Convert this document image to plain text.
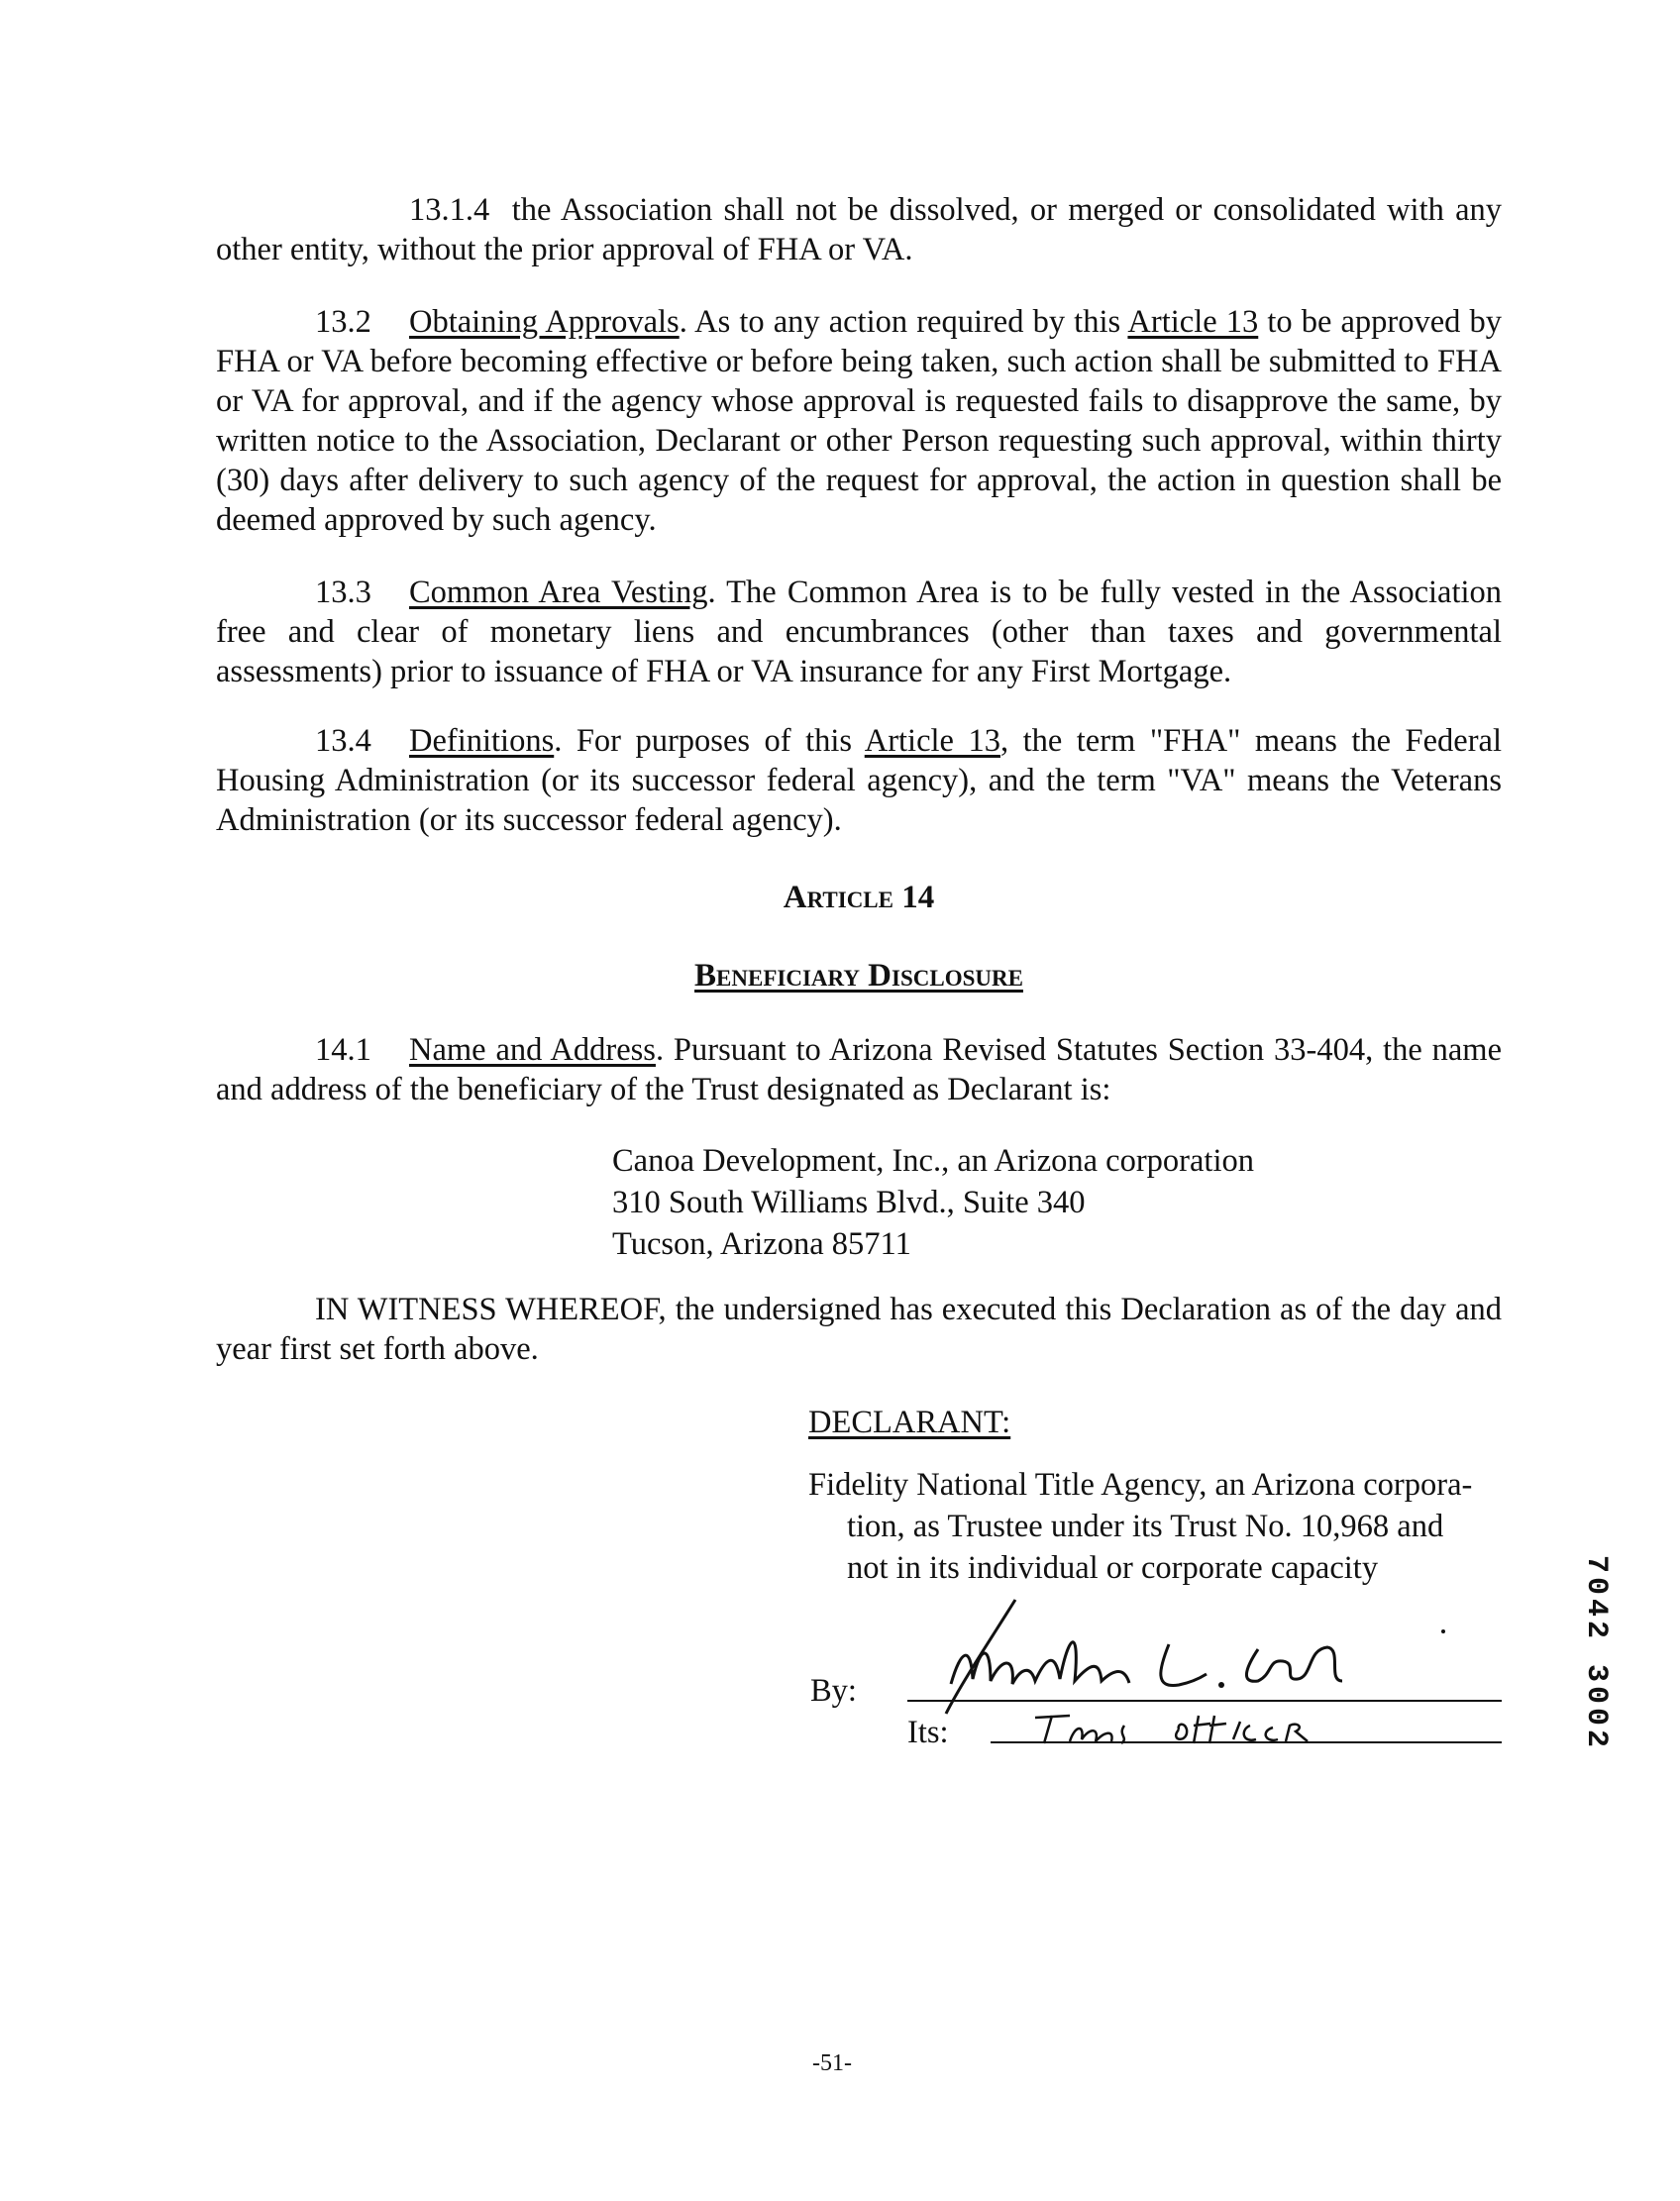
13.1.4 the Association shall not be dissolved, or merged or consolidated with any other entity, without the prior approval of FHA or VA.

13.2 Obtaining Approvals. As to any action required by this Article 13 to be approved by FHA or VA before becoming effective or before being taken, such action shall be submitted to FHA or VA for approval, and if the agency whose approval is requested fails to disapprove the same, by written notice to the Association, Declarant or other Person requesting such approval, within thirty (30) days after delivery to such agency of the request for approval, the action in question shall be deemed approved by such agency.

13.3 Common Area Vesting. The Common Area is to be fully vested in the Association free and clear of monetary liens and encumbrances (other than taxes and governmental assessments) prior to issuance of FHA or VA insurance for any First Mortgage.

13.4 Definitions. For purposes of this Article 13, the term "FHA" means the Federal Housing Administration (or its successor federal agency), and the term "VA" means the Veterans Administration (or its successor federal agency).

Article 14
Beneficiary Disclosure

14.1 Name and Address. Pursuant to Arizona Revised Statutes Section 33-404, the name and address of the beneficiary of the Trust designated as Declarant is:

Canoa Development, Inc., an Arizona corporation
310 South Williams Blvd., Suite 340
Tucson, Arizona 85711

IN WITNESS WHEREOF, the undersigned has executed this Declaration as of the day and year first set forth above.

DECLARANT:
Fidelity National Title Agency, an Arizona corpora-
tion, as Trustee under its Trust No. 10,968 and
not in its individual or corporate capacity
By:
Its:
-51-
7042 3002
